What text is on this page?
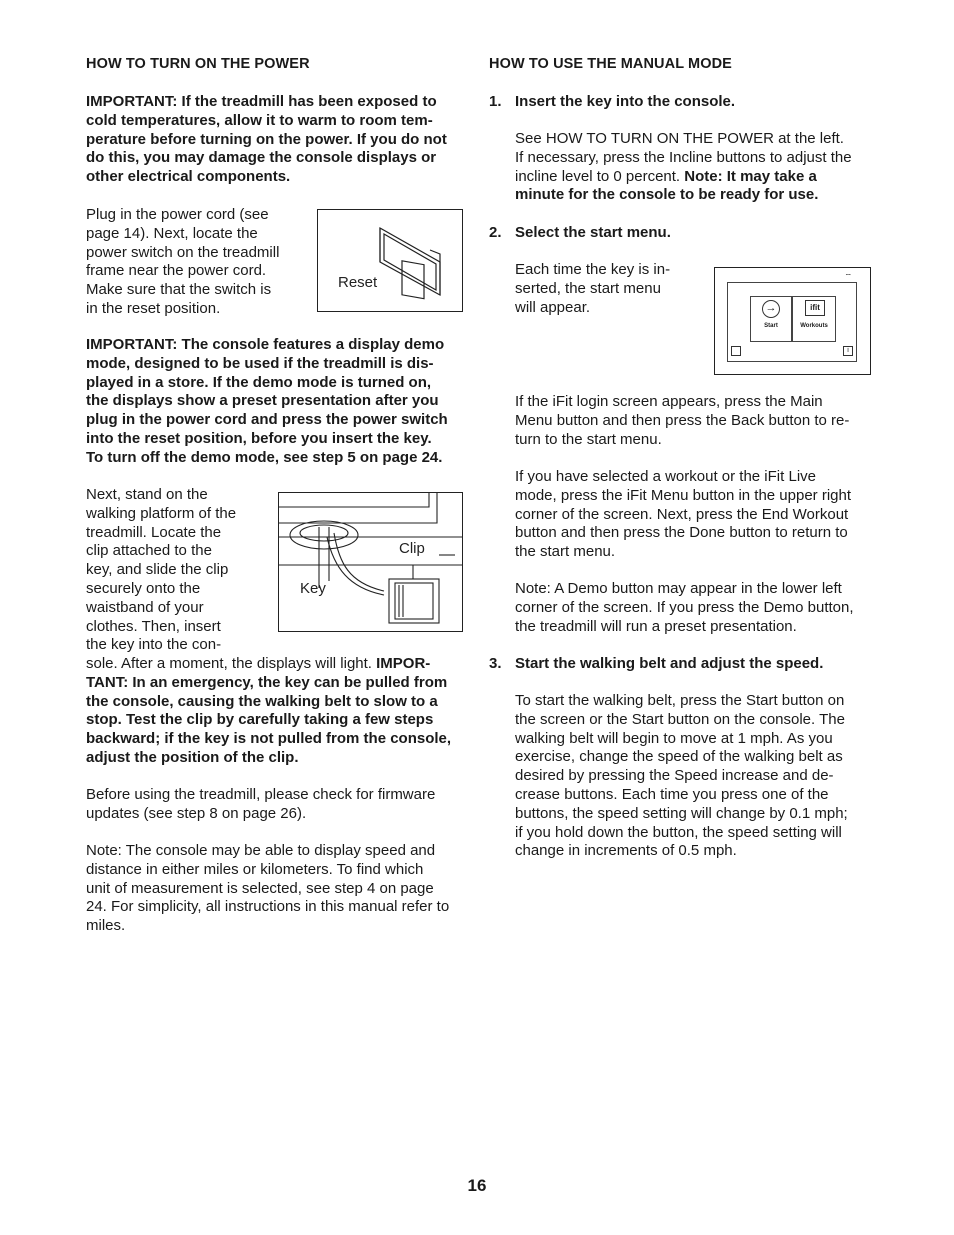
HOW TO TURN ON THE POWER
IMPORTANT: If the treadmill has been exposed to
cold temperatures, allow it to warm to room tem-
perature before turning on the power. If you do not
do this, you may damage the console displays or
other electrical components.
Plug in the power cord (see
page 14). Next, locate the
power switch on the treadmill
frame near the power cord.
Make sure that the switch is
in the reset position.
Reset
IMPORTANT: The console features a display demo
mode, designed to be used if the treadmill is dis-
played in a store. If the demo mode is turned on,
the displays show a preset presentation after you
plug in the power cord and press the power switch
into the reset position, before you insert the key.
To turn off the demo mode, see step 5 on page 24.
Next, stand on the
walking platform of the
treadmill. Locate the
clip attached to the
key, and slide the clip
securely onto the
waistband of your
clothes. Then, insert
the key into the con-
Clip
Key
sole. After a moment, the displays will light. IMPOR-
TANT: In an emergency, the key can be pulled from
the console, causing the walking belt to slow to a
stop. Test the clip by carefully taking a few steps
backward; if the key is not pulled from the console,
adjust the position of the clip.
Before using the treadmill, please check for firmware
updates (see step 8 on page 26).
Note: The console may be able to display speed and
distance in either miles or kilometers. To find which
unit of measurement is selected, see step 4 on page
24. For simplicity, all instructions in this manual refer to
miles.
HOW TO USE THE MANUAL MODE
1. Insert the key into the console.
See HOW TO TURN ON THE POWER at the left.
If necessary, press the Incline buttons to adjust the
incline level to 0 percent. Note: It may take a
minute for the console to be ready for use.
2. Select the start menu.
Each time the key is in-
serted, the start menu
will appear.	→
Start
ifit
Workouts
i
⌔
If the iFit login screen appears, press the Main
Menu button and then press the Back button to re-
turn to the start menu.
If you have selected a workout or the iFit Live
mode, press the iFit Menu button in the upper right
corner of the screen. Next, press the End Workout
button and then press the Done button to return to
the start menu.
Note: A Demo button may appear in the lower left
corner of the screen. If you press the Demo button,
the treadmill will run a preset presentation.
3. Start the walking belt and adjust the speed.
To start the walking belt, press the Start button on
the screen or the Start button on the console. The
walking belt will begin to move at 1 mph. As you
exercise, change the speed of the walking belt as
desired by pressing the Speed increase and de-
crease buttons. Each time you press one of the
buttons, the speed setting will change by 0.1 mph;
if you hold down the button, the speed setting will
change in increments of 0.5 mph.
16
